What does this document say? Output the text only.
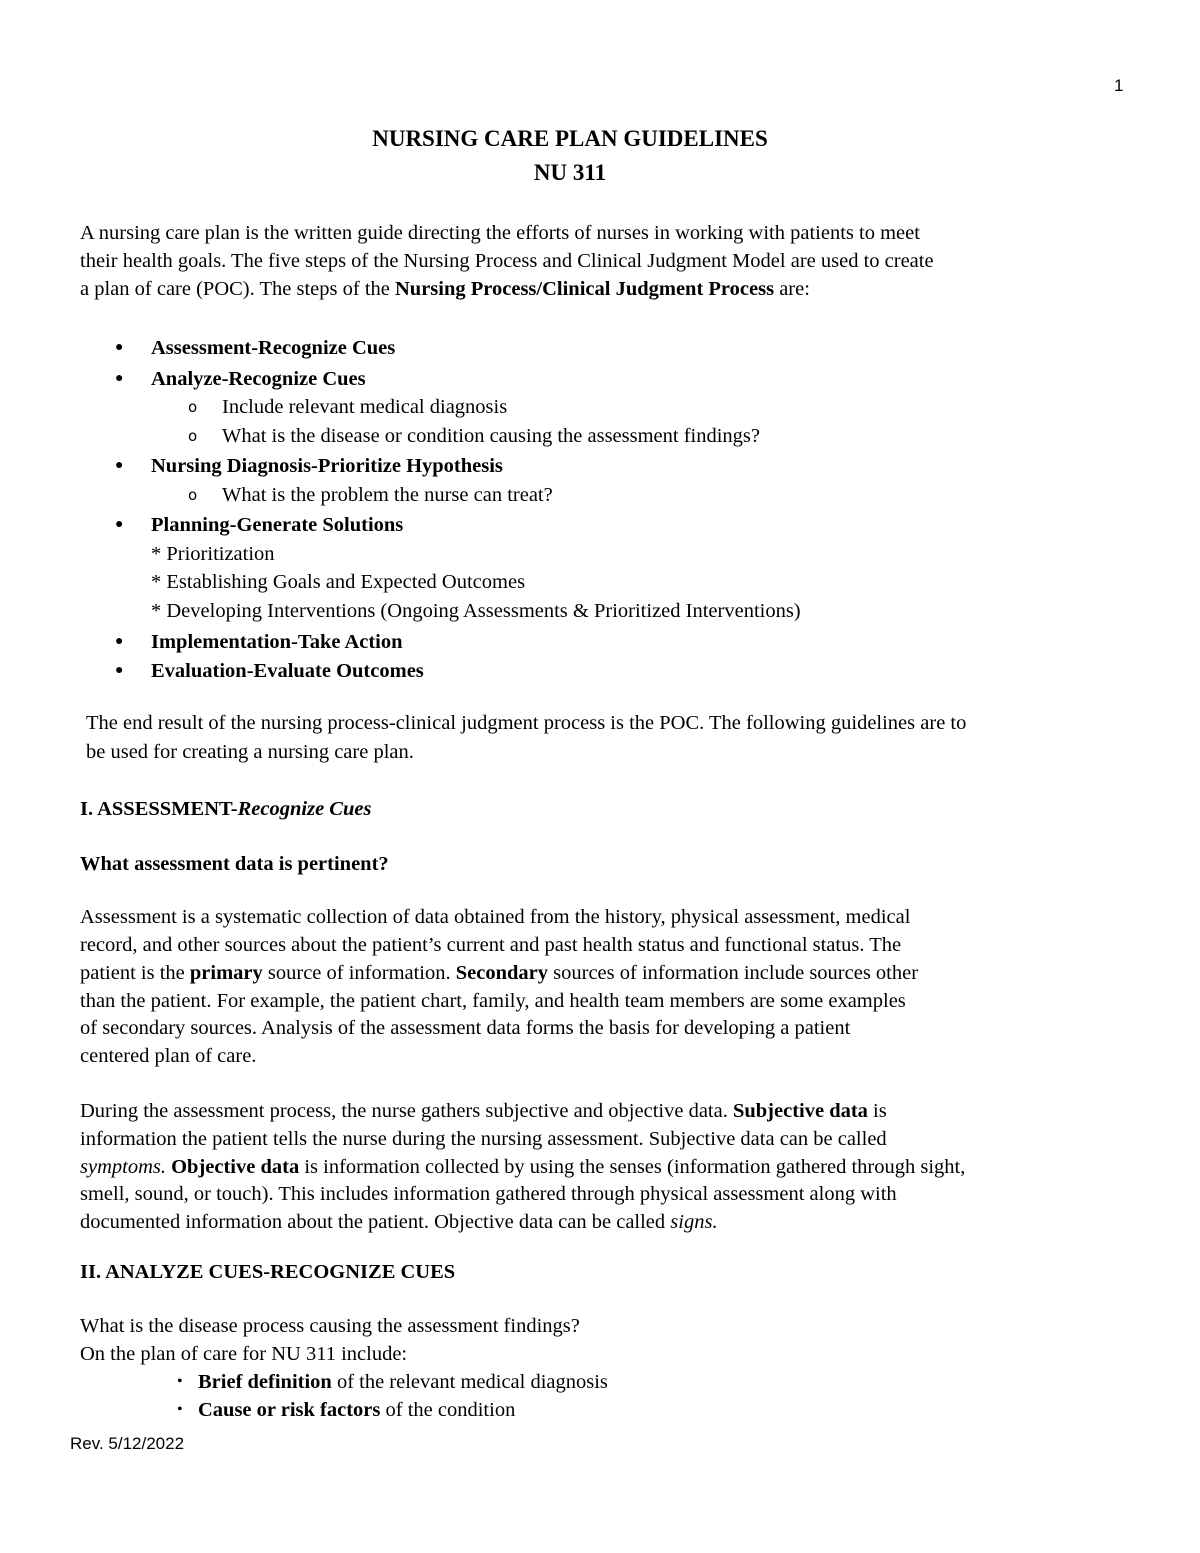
1
NURSING CARE PLAN GUIDELINES
NU 311
A nursing care plan is the written guide directing the efforts of nurses in working with patients to meet
their health goals. The five steps of the Nursing Process and Clinical Judgment Model are used to create
a plan of care (POC). The steps of the Nursing Process/Clinical Judgment Process are:
● Assessment-Recognize Cues
● Analyze-Recognize Cues
o Include relevant medical diagnosis
o What is the disease or condition causing the assessment findings?
● Nursing Diagnosis-Prioritize Hypothesis
o What is the problem the nurse can treat?
● Planning-Generate Solutions
* Prioritization
* Establishing Goals and Expected Outcomes
* Developing Interventions (Ongoing Assessments & Prioritized Interventions)
● Implementation-Take Action
● Evaluation-Evaluate Outcomes
The end result of the nursing process-clinical judgment process is the POC. The following guidelines are to
be used for creating a nursing care plan.
I. ASSESSMENT-Recognize Cues
What assessment data is pertinent?
Assessment is a systematic collection of data obtained from the history, physical assessment, medical
record, and other sources about the patient’s current and past health status and functional status. The
patient is the primary source of information. Secondary sources of information include sources other
than the patient. For example, the patient chart, family, and health team members are some examples
of secondary sources. Analysis of the assessment data forms the basis for developing a patient
centered plan of care.
During the assessment process, the nurse gathers subjective and objective data. Subjective data is
information the patient tells the nurse during the nursing assessment. Subjective data can be called
symptoms. Objective data is information collected by using the senses (information gathered through sight,
smell, sound, or touch). This includes information gathered through physical assessment along with
documented information about the patient. Objective data can be called signs.
II. ANALYZE CUES-RECOGNIZE CUES
What is the disease process causing the assessment findings?
On the plan of care for NU 311 include:
• Brief definition of the relevant medical diagnosis
• Cause or risk factors of the condition
Rev. 5/12/2022
